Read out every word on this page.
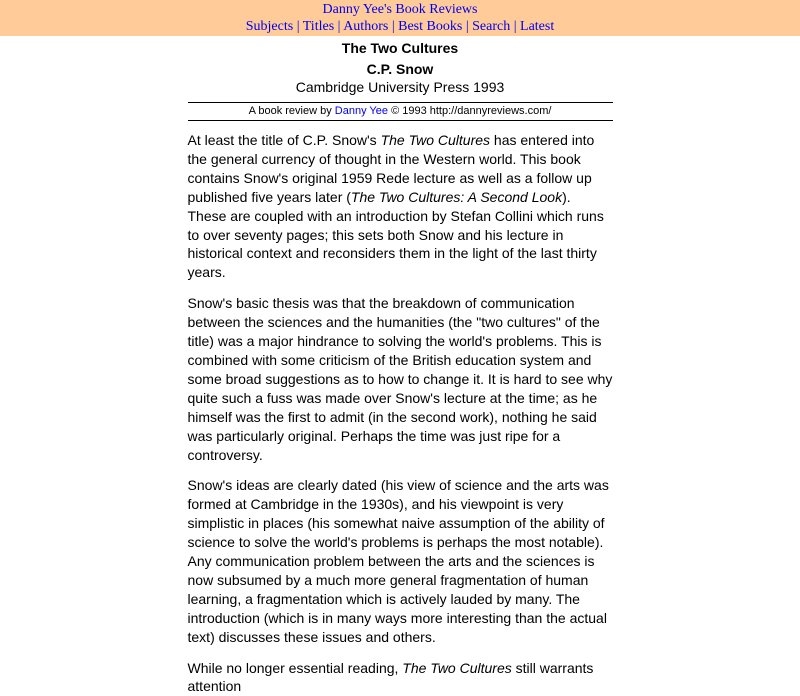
Danny Yee's Book Reviews
Subjects | Titles | Authors | Best Books | Search | Latest
The Two Cultures
C.P. Snow
Cambridge University Press 1993
A book review by Danny Yee © 1993 http://dannyreviews.com/

At least the title of C.P. Snow's The Two Cultures has entered into the general currency of thought in the Western world. This book contains Snow's original 1959 Rede lecture as well as a follow up published five years later (The Two Cultures: A Second Look). These are coupled with an introduction by Stefan Collini which runs to over seventy pages; this sets both Snow and his lecture in historical context and reconsiders them in the light of the last thirty years.

Snow's basic thesis was that the breakdown of communication between the sciences and the humanities (the "two cultures" of the title) was a major hindrance to solving the world's problems. This is combined with some criticism of the British education system and some broad suggestions as to how to change it. It is hard to see why quite such a fuss was made over Snow's lecture at the time; as he himself was the first to admit (in the second work), nothing he said was particularly original. Perhaps the time was just ripe for a controversy.

Snow's ideas are clearly dated (his view of science and the arts was formed at Cambridge in the 1930s), and his viewpoint is very simplistic in places (his somewhat naive assumption of the ability of science to solve the world's problems is perhaps the most notable). Any communication problem between the arts and the sciences is now subsumed by a much more general fragmentation of human learning, a fragmentation which is actively lauded by many. The introduction (which is in many ways more interesting than the actual text) discusses these issues and others.

While no longer essential reading, The Two Cultures still warrants attention
